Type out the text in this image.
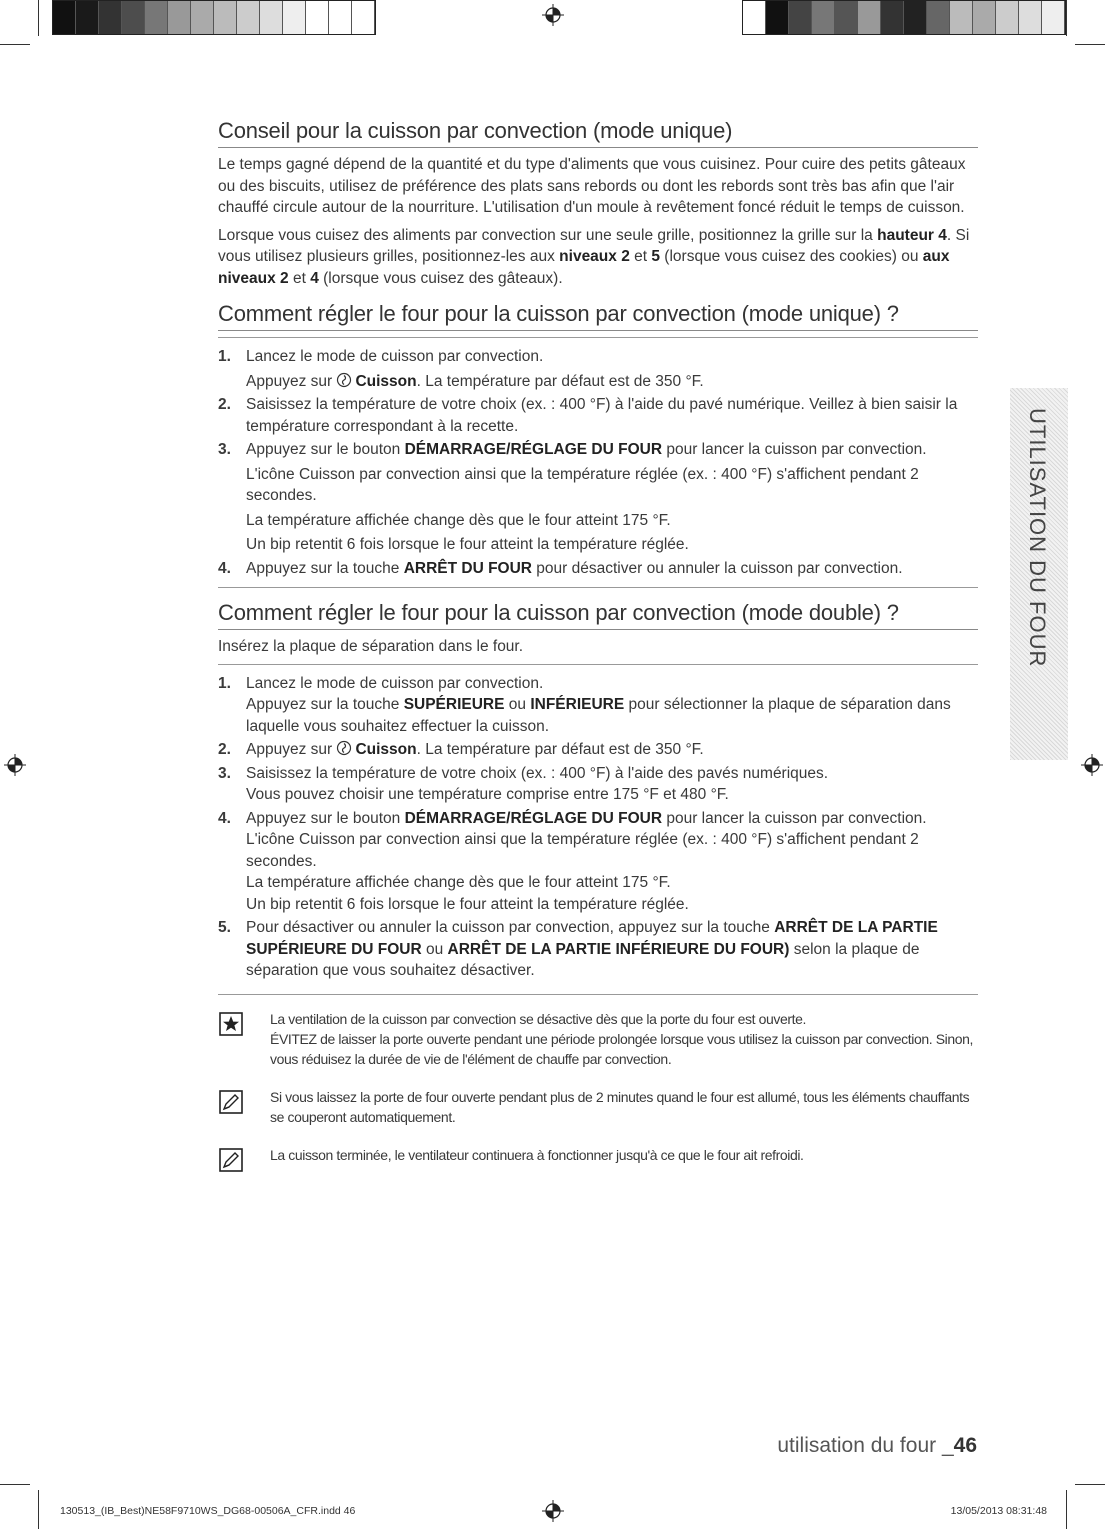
Conseil pour la cuisson par convection (mode unique)

Le temps gagné dépend de la quantité et du type d'aliments que vous cuisinez. Pour cuire des petits gâteaux ou des biscuits, utilisez de préférence des plats sans rebords ou dont les rebords sont très bas afin que l'air chauffé circule autour de la nourriture. L'utilisation d'un moule à revêtement foncé réduit le temps de cuisson.

Lorsque vous cuisez des aliments par convection sur une seule grille, positionnez la grille sur la hauteur 4. Si vous utilisez plusieurs grilles, positionnez-les aux niveaux 2 et 5 (lorsque vous cuisez des cookies) ou aux niveaux 2 et 4 (lorsque vous cuisez des gâteaux).

Comment régler le four pour la cuisson par convection (mode unique) ?
1. Lancez le mode de cuisson par convection.
Appuyez sur Cuisson. La température par défaut est de 350 °F.
2. Saisissez la température de votre choix (ex. : 400 °F) à l'aide du pavé numérique. Veillez à bien saisir la température correspondant à la recette.
3. Appuyez sur le bouton DÉMARRAGE/RÉGLAGE DU FOUR pour lancer la cuisson par convection.
L'icône Cuisson par convection ainsi que la température réglée (ex. : 400 °F) s'affichent pendant 2 secondes.
La température affichée change dès que le four atteint 175 °F.
Un bip retentit 6 fois lorsque le four atteint la température réglée.
4. Appuyez sur la touche ARRÊT DU FOUR pour désactiver ou annuler la cuisson par convection.
Comment régler le four pour la cuisson par convection (mode double) ?
Insérez la plaque de séparation dans le four.
1. Lancez le mode de cuisson par convection.
Appuyez sur la touche SUPÉRIEURE ou INFÉRIEURE pour sélectionner la plaque de séparation dans laquelle vous souhaitez effectuer la cuisson.
2. Appuyez sur Cuisson. La température par défaut est de 350 °F.
3. Saisissez la température de votre choix (ex. : 400 °F) à l'aide des pavés numériques.
Vous pouvez choisir une température comprise entre 175 °F et 480 °F.
4. Appuyez sur le bouton DÉMARRAGE/RÉGLAGE DU FOUR pour lancer la cuisson par convection.
L'icône Cuisson par convection ainsi que la température réglée (ex. : 400 °F) s'affichent pendant 2 secondes.
La température affichée change dès que le four atteint 175 °F.
Un bip retentit 6 fois lorsque le four atteint la température réglée.
5. Pour désactiver ou annuler la cuisson par convection, appuyez sur la touche ARRÊT DE LA PARTIE SUPÉRIEURE DU FOUR ou ARRÊT DE LA PARTIE INFÉRIEURE DU FOUR) selon la plaque de séparation que vous souhaitez désactiver.
La ventilation de la cuisson par convection se désactive dès que la porte du four est ouverte.
ÉVITEZ de laisser la porte ouverte pendant une période prolongée lorsque vous utilisez la cuisson par convection. Sinon, vous réduisez la durée de vie de l'élément de chauffe par convection.
Si vous laissez la porte de four ouverte pendant plus de 2 minutes quand le four est allumé, tous les éléments chauffants se couperont automatiquement.
La cuisson terminée, le ventilateur continuera à fonctionner jusqu'à ce que le four ait refroidi.
UTILISATION DU FOUR
utilisation du four _46
130513_(IB_Best)NE58F9710WS_DG68-00506A_CFR.indd 46	13/05/2013 08:31:48
